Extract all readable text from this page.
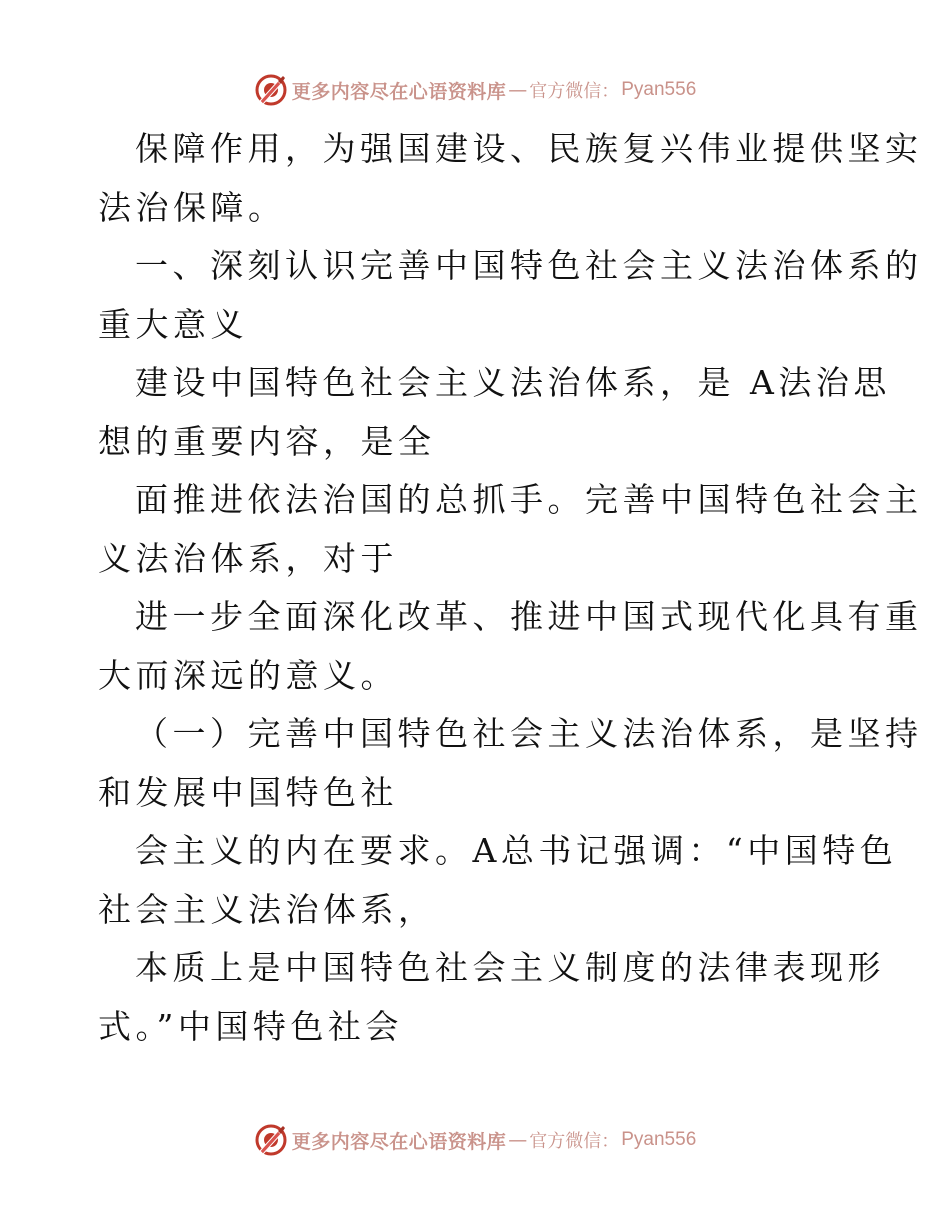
更多内容尽在心语资料库 — 官方微信： Pyan556
保障作用，为强国建设、民族复兴伟业提供坚实
法治保障。
一、深刻认识完善中国特色社会主义法治体系的
重大意义
建设中国特色社会主义法治体系，是 A法治思
想的重要内容，是全
面推进依法治国的总抓手。完善中国特色社会主
义法治体系，对于
进一步全面深化改革、推进中国式现代化具有重
大而深远的意义。
（一）完善中国特色社会主义法治体系，是坚持
和发展中国特色社
会主义的内在要求。A总书记强调：“中国特色
社会主义法治体系，
本质上是中国特色社会主义制度的法律表现形
式。”中国特色社会
更多内容尽在心语资料库 — 官方微信： Pyan556
